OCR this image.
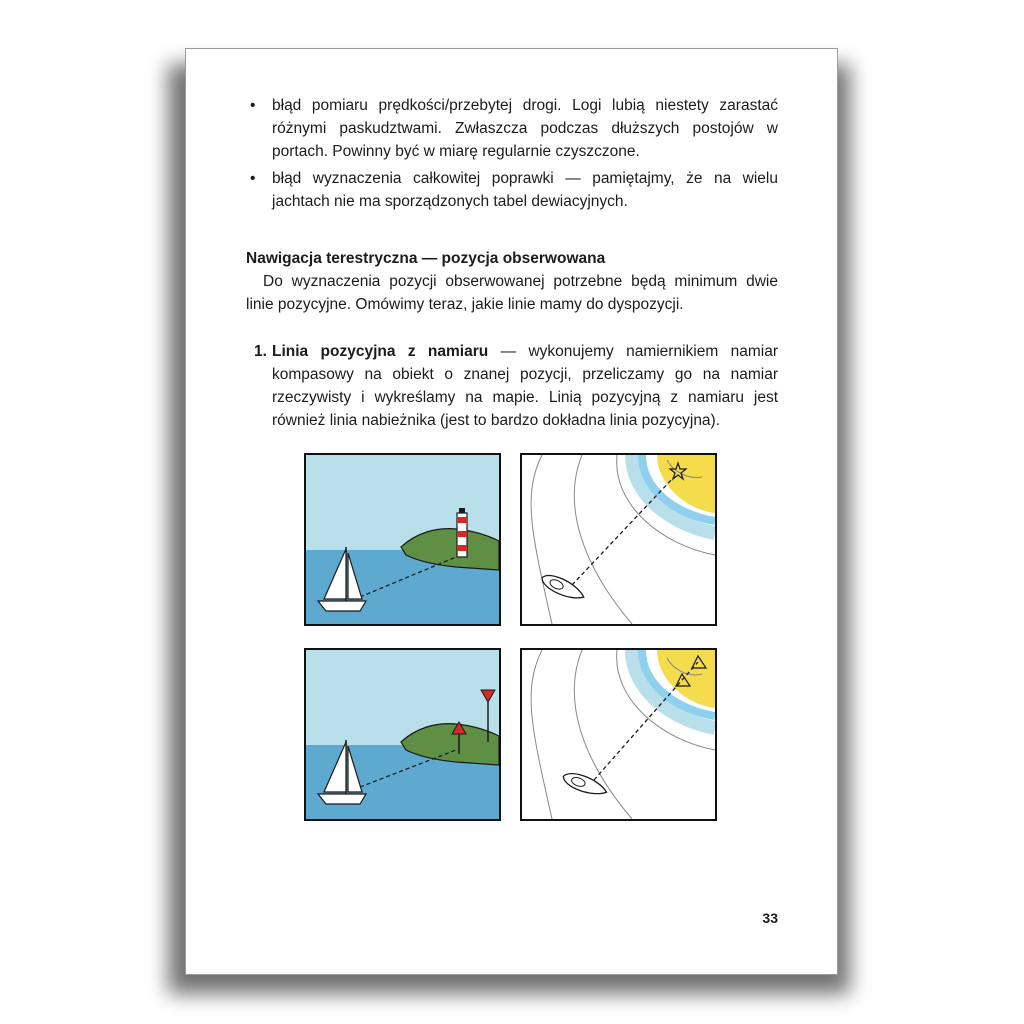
• błąd pomiaru prędkości/przebytej drogi. Logi lubią niestety zarastać różnymi paskudztwami. Zwłaszcza podczas dłuższych postojów w portach. Powinny być w miarę regularnie czyszczone.
• błąd wyznaczenia całkowitej poprawki — pamiętajmy, że na wielu jachtach nie ma sporządzonych tabel dewiacyjnych.
Nawigacja terestryczna — pozycja obserwowana
Do wyznaczenia pozycji obserwowanej potrzebne będą minimum dwie linie pozycyjne. Omówimy teraz, jakie linie mamy do dyspozycji.
1. Linia pozycyjna z namiaru — wykonujemy namiernikiem namiar kompasowy na obiekt o znanej pozycji, przeliczamy go na namiar rzeczywisty i wykreślamy na mapie. Linią pozycyjną z namiaru jest również linia nabieżnika (jest to bardzo dokładna linia pozycyjna).
33
